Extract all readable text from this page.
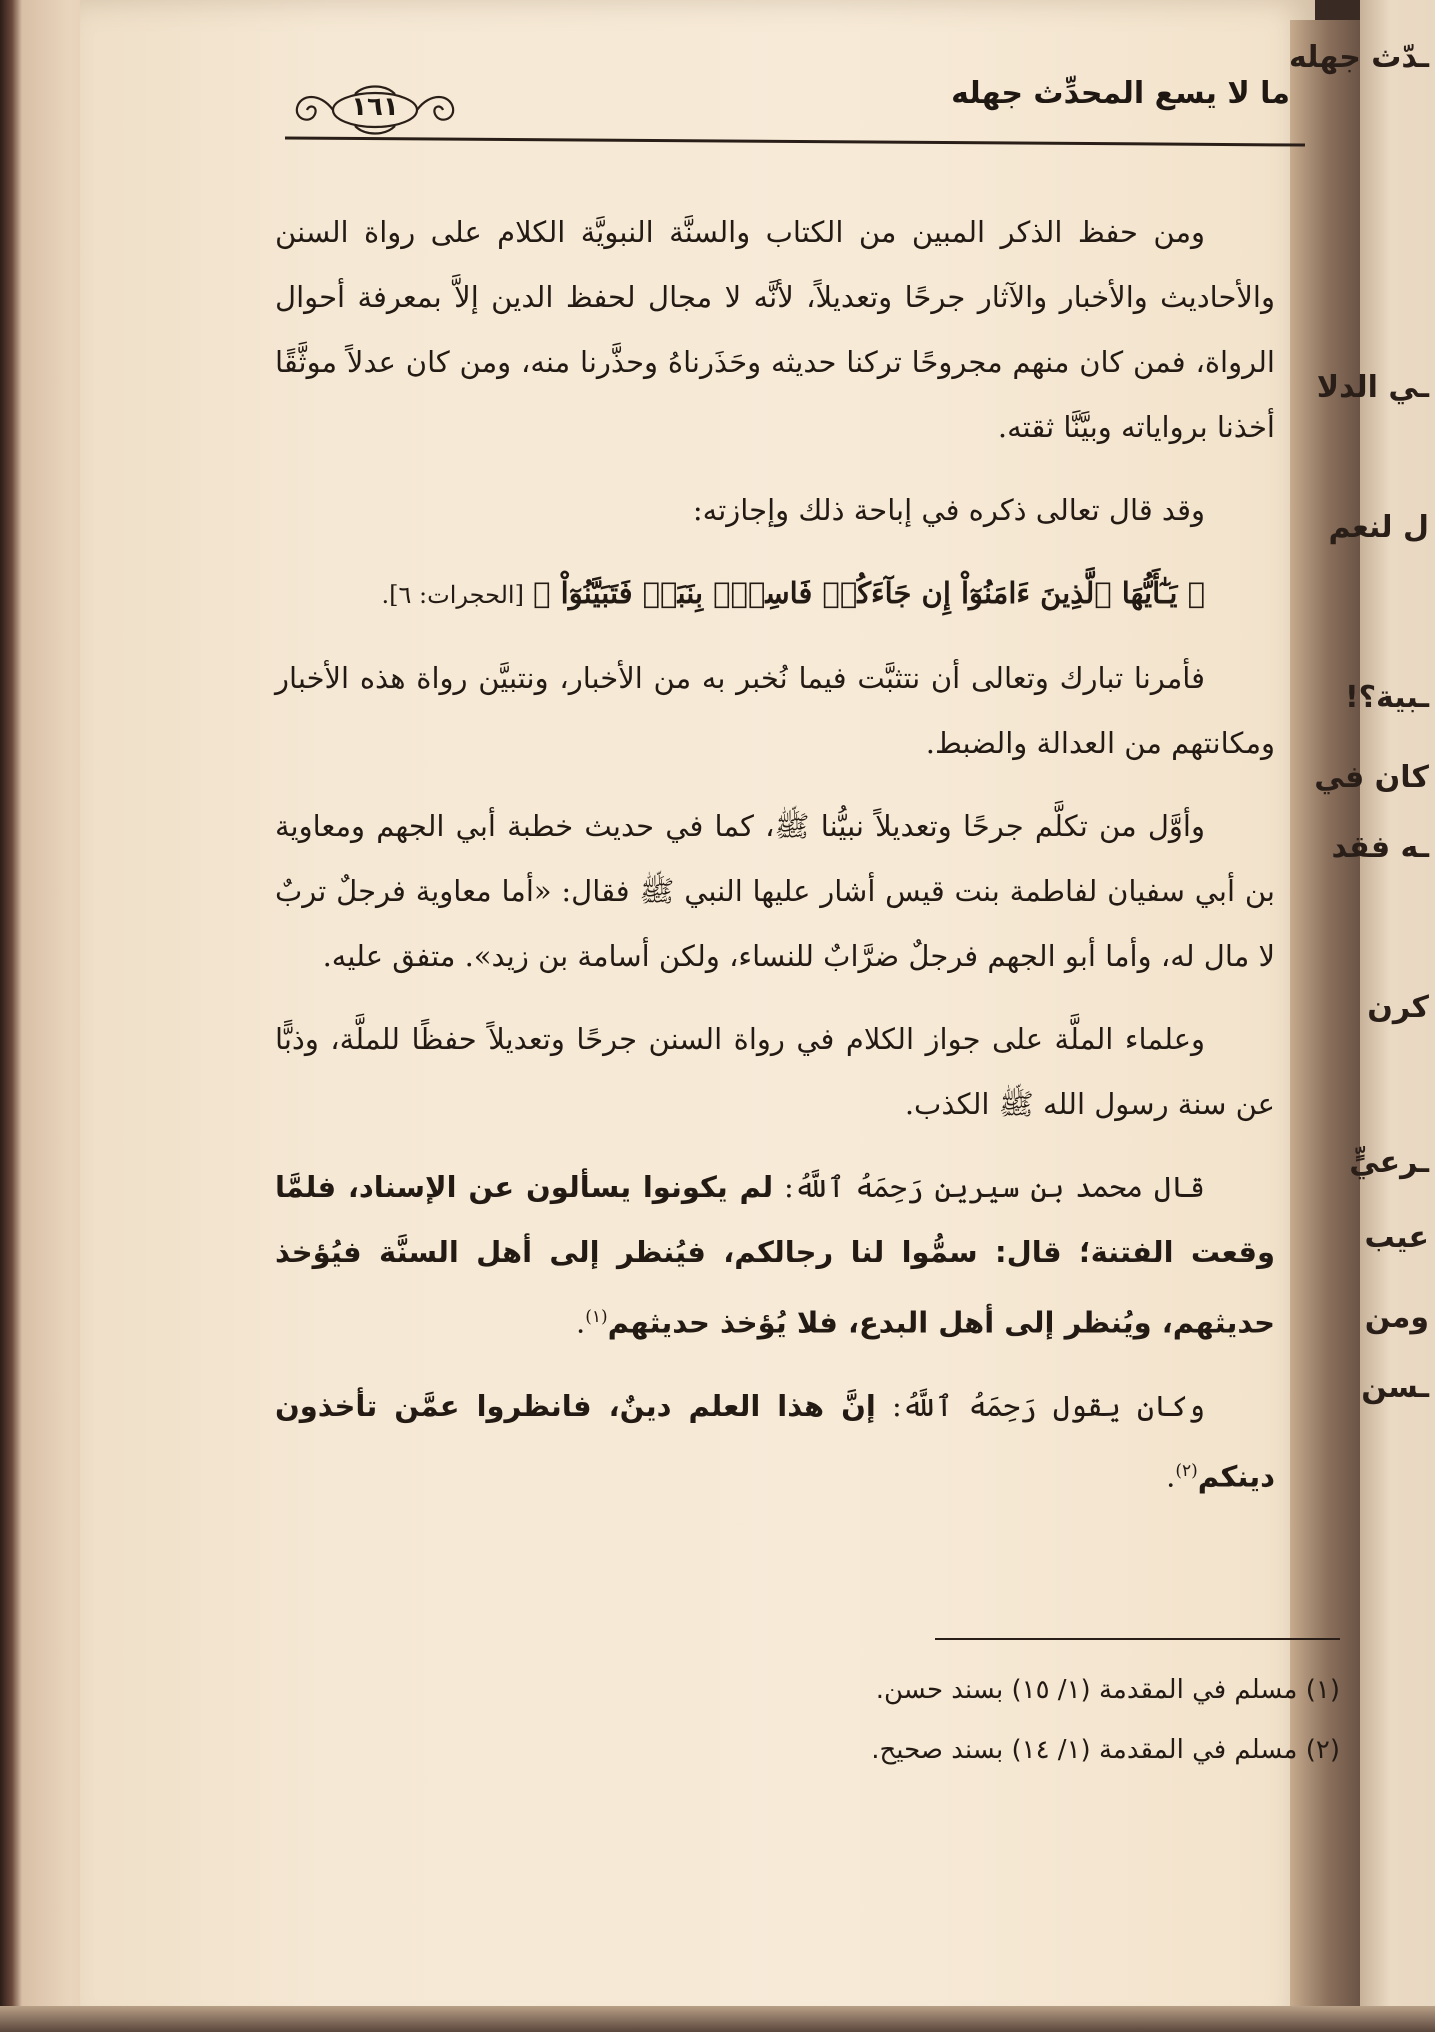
ـدّث جهله
ـي الدلا
ل لنعم
ـبية؟!
كان في
ـه فقد
كرن
ـرعيٍّ
عيب
ومن
ـسن
ما لا يسع المحدِّث جهله
١٦١

ومن حفظ الذكر المبين من الكتاب والسنَّة النبويَّة الكلام على رواة السنن والأحاديث والأخبار والآثار جرحًا وتعديلاً، لأنَّه لا مجال لحفظ الدين إلاَّ بمعرفة أحوال الرواة، فمن كان منهم مجروحًا تركنا حديثه وحَذَرناهُ وحذَّرنا منه، ومن كان عدلاً موثَّقًا أخذنا برواياته وبيَّنَّا ثقته.

وقد قال تعالى ذكره في إباحة ذلك وإجازته:

﴿ يَـٰٓأَيُّهَا ٱلَّذِينَ ءَامَنُوٓاْ إِن جَآءَكُمۡ فَاسِقُۢ بِنَبَإٖ فَتَبَيَّنُوٓاْ ﴾ [الحجرات: ٦].

فأمرنا تبارك وتعالى أن نتثبَّت فيما نُخبر به من الأخبار، ونتبيَّن رواة هذه الأخبار ومكانتهم من العدالة والضبط.

وأوَّل من تكلَّم جرحًا وتعديلاً نبيُّنا ﷺ، كما في حديث خطبة أبي الجهم ومعاوية بن أبي سفيان لفاطمة بنت قيس أشار عليها النبي ﷺ فقال: «أما معاوية فرجلٌ تربٌ لا مال له، وأما أبو الجهم فرجلٌ ضرَّابٌ للنساء، ولكن أسامة بن زيد». متفق عليه.

وعلماء الملَّة على جواز الكلام في رواة السنن جرحًا وتعديلاً حفظًا للملَّة، وذبًّا عن سنة رسول الله ﷺ الكذب.

قال محمد بن سيرين رَحِمَهُ ٱللَّهُ: لم يكونوا يسألون عن الإسناد، فلمَّا وقعت الفتنة؛ قال: سمُّوا لنا رجالكم، فيُنظر إلى أهل السنَّة فيُؤخذ حديثهم، ويُنظر إلى أهل البدع، فلا يُؤخذ حديثهم$^{(١)}$.

وكان يقول رَحِمَهُ ٱللَّهُ: إنَّ هذا العلم دينٌ، فانظروا عمَّن تأخذون دينكم$^{(٢)}$.

(١) مسلم في المقدمة (١/ ١٥) بسند حسن.
(٢) مسلم في المقدمة (١/ ١٤) بسند صحيح.
